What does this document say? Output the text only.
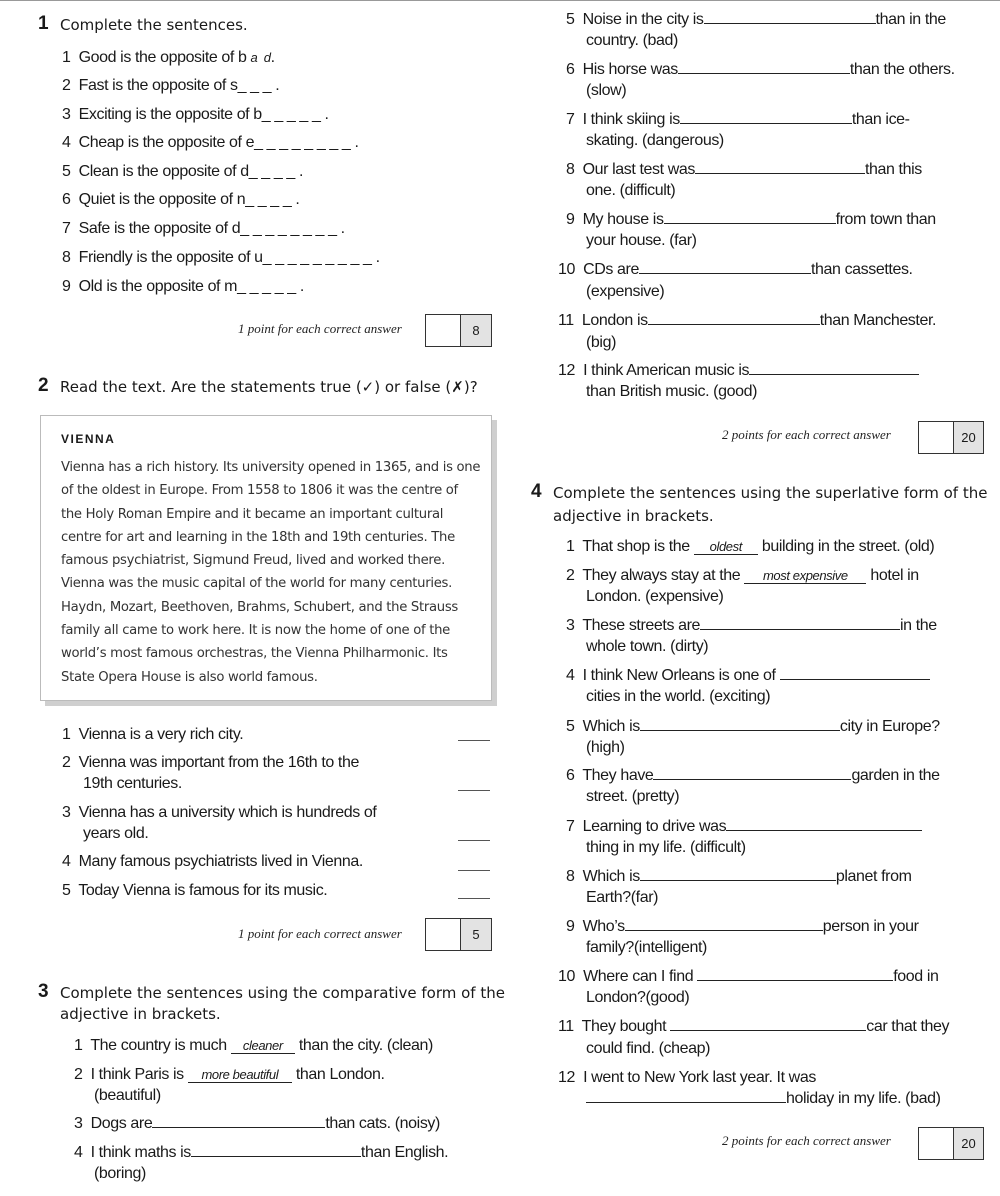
1 Complete the sentences.
1 Good is the opposite of b a  d.
2 Fast is the opposite of s_ _ _ .
3 Exciting is the opposite of b_ _ _ _ _ .
4 Cheap is the opposite of e_ _ _ _ _ _ _ _ .
5 Clean is the opposite of d_ _ _ _ .
6 Quiet is the opposite of n_ _ _ _ .
7 Safe is the opposite of d_ _ _ _ _ _ _ _ .
8 Friendly is the opposite of u_ _ _ _ _ _ _ _ _ .
9 Old is the opposite of m_ _ _ _ _ .
1 point for each correct answer	8
2 Read the text. Are the statements true (✓) or false (✗)?
VIENNA
Vienna has a rich history. Its university opened in 1365, and is one of the oldest in Europe. From 1558 to 1806 it was the centre of the Holy Roman Empire and it became an important cultural centre for art and learning in the 18th and 19th centuries. The famous psychiatrist, Sigmund Freud, lived and worked there. Vienna was the music capital of the world for many centuries. Haydn, Mozart, Beethoven, Brahms, Schubert, and the Strauss family all came to work here. It is now the home of one of the world’s most famous orchestras, the Vienna Philharmonic. Its State Opera House is also world famous.
1 Vienna is a very rich city.
2 Vienna was important from the 16th to the
19th centuries.
3 Vienna has a university which is hundreds of
years old.
4 Many famous psychiatrists lived in Vienna.
5 Today Vienna is famous for its music.
1 point for each correct answer	5
3 Complete the sentences using the comparative form of the
adjective in brackets.
1 The country is much cleaner than the city. (clean)
2 I think Paris is more beautiful than London.
(beautiful)
3 Dogs are	than cats. (noisy)
4 I think maths is	than English.
(boring)
5 Noise in the city is	than in the
country. (bad)
6 His horse was	than the others.
(slow)
7 I think skiing is	than ice-
skating. (dangerous)
8 Our last test was	than this
one. (difficult)
9 My house is	from town than
your house. (far)
10 CDs are	than cassettes.
(expensive)
11 London is	than Manchester.
(big)
12 I think American music is
than British music. (good)
2 points for each correct answer	20
4 Complete the sentences using the superlative form of the
adjective in brackets.
1 That shop is the oldest building in the street. (old)
2 They always stay at the most expensive hotel in
London. (expensive)
3 These streets are	in the
whole town. (dirty)
4 I think New Orleans is one of
cities in the world. (exciting)
5 Which is	city in Europe?
(high)
6 They have	garden in the
street. (pretty)
7 Learning to drive was
thing in my life. (difficult)
8 Which is	planet from
Earth?(far)
9 Who’s	person in your
family?(intelligent)
10 Where can I find	food in
London?(good)
11 They bought	car that they
could find. (cheap)
12 I went to New York last year. It was
holiday in my life. (bad)
2 points for each correct answer	20
